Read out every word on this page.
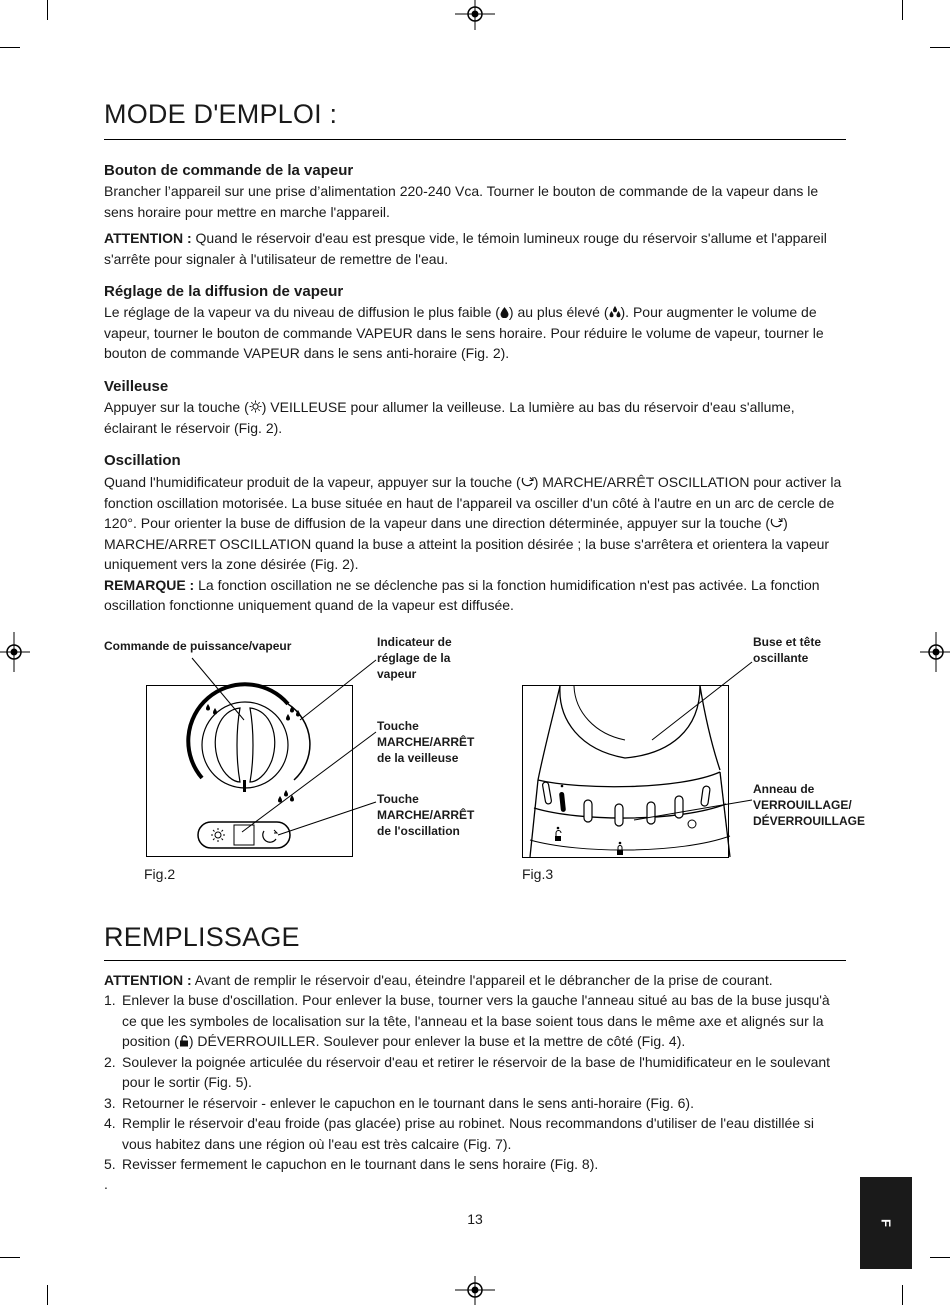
MODE D'EMPLOI :
Bouton de commande de la vapeur
Brancher l’appareil sur une prise d’alimentation 220-240 Vca. Tourner le bouton de commande de la vapeur dans le sens horaire pour mettre en marche l'appareil.
ATTENTION : Quand le réservoir d'eau est presque vide, le témoin lumineux rouge du réservoir s'allume et l'appareil s'arrête pour signaler à l'utilisateur de remettre de l'eau.
Réglage de la diffusion de vapeur
Le réglage de la vapeur va du niveau de diffusion le plus faible ( ) au plus élevé ( ). Pour augmenter le volume de vapeur, tourner le bouton de commande VAPEUR dans le sens horaire. Pour réduire le volume de vapeur, tourner le bouton de commande VAPEUR dans le sens anti-horaire (Fig. 2).
Veilleuse
Appuyer sur la touche ( ) VEILLEUSE pour allumer la veilleuse. La lumière au bas du réservoir d'eau s'allume, éclairant le réservoir (Fig. 2).
Oscillation
Quand l'humidificateur produit de la vapeur, appuyer sur la touche ( ) MARCHE/ARRÊT OSCILLATION pour activer la fonction oscillation motorisée. La buse située en haut de l'appareil va osciller d'un côté à l'autre en un arc de cercle de 120°. Pour orienter la buse de diffusion de la vapeur dans une direction déterminée, appuyer sur la touche ( ) MARCHE/ARRET OSCILLATION quand la buse a atteint la position désirée ; la buse s'arrêtera et orientera la vapeur uniquement vers la zone désirée (Fig. 2).
REMARQUE : La fonction oscillation ne se déclenche pas si la fonction humidification n'est pas activée. La fonction oscillation fonctionne uniquement quand de la vapeur est diffusée.
Commande de puissance/vapeur	Indicateur de réglage de la vapeur
Touche MARCHE/ARRÊT de la veilleuse
Touche MARCHE/ARRÊT de l'oscillation
Fig.2
Buse et tête oscillante
Anneau de VERROUILLAGE/ DÉVERROUILLAGE
Fig.3
REMPLISSAGE
ATTENTION : Avant de remplir le réservoir d'eau, éteindre l'appareil et le débrancher de la prise de courant.
1. Enlever la buse d'oscillation. Pour enlever la buse, tourner vers la gauche l'anneau situé au bas de la buse jusqu'à ce que les symboles de localisation sur la tête, l'anneau et la base soient tous dans le même axe et alignés sur la position ( ) DÉVERROUILLER. Soulever pour enlever la buse et la mettre de côté (Fig. 4).
2. Soulever la poignée articulée du réservoir d'eau et retirer le réservoir de la base de l'humidificateur en le soulevant pour le sortir (Fig. 5).
3. Retourner le réservoir - enlever le capuchon en le tournant dans le sens anti-horaire (Fig. 6).
4. Remplir le réservoir d'eau froide (pas glacée) prise au robinet. Nous recommandons d'utiliser de l'eau distillée si vous habitez dans une région où l'eau est très calcaire (Fig. 7).
5. Revisser fermement le capuchon en le tournant dans le sens horaire (Fig. 8).
.
13	F
